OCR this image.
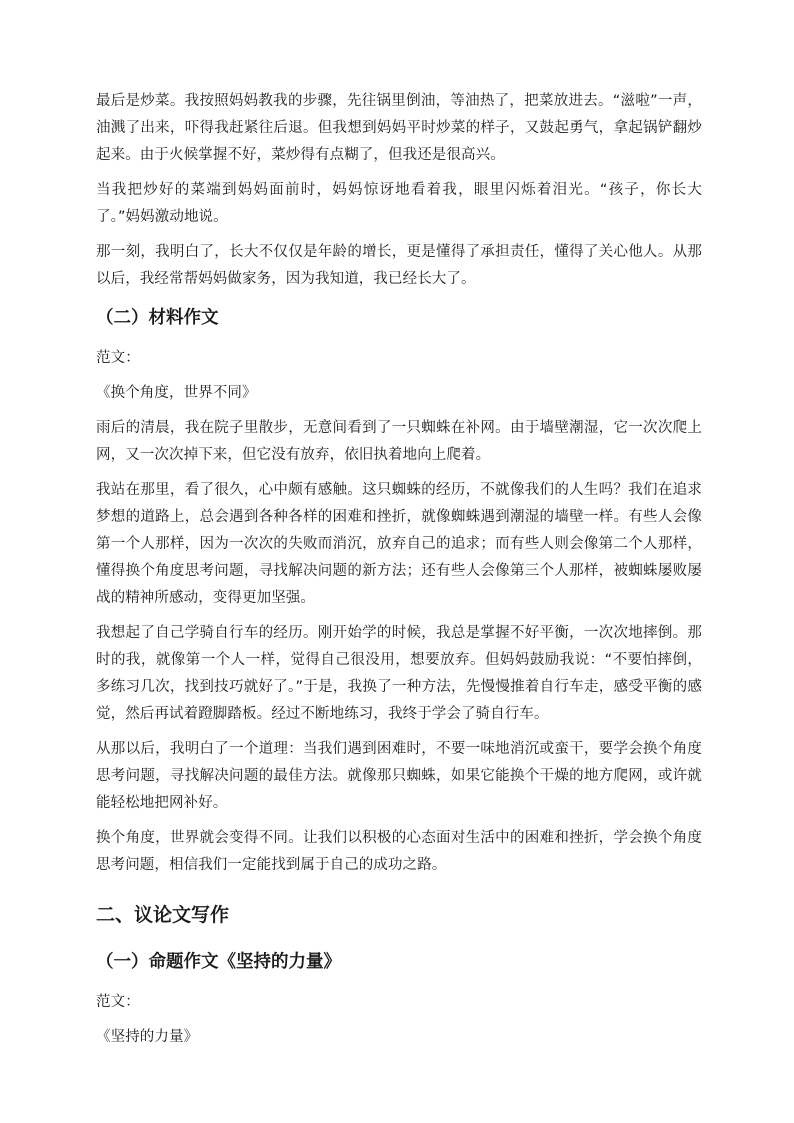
最后是炒菜。我按照妈妈教我的步骤，先往锅里倒油，等油热了，把菜放进去。“滋啦”一声，油溅了出来，吓得我赶紧往后退。但我想到妈妈平时炒菜的样子，又鼓起勇气，拿起锅铲翻炒起来。由于火候掌握不好，菜炒得有点糊了，但我还是很高兴。

当我把炒好的菜端到妈妈面前时，妈妈惊讶地看着我，眼里闪烁着泪光。“孩子，你长大了。”妈妈激动地说。

那一刻，我明白了，长大不仅仅是年龄的增长，更是懂得了承担责任，懂得了关心他人。从那以后，我经常帮妈妈做家务，因为我知道，我已经长大了。

（二）材料作文

范文：

《换个角度，世界不同》

雨后的清晨，我在院子里散步，无意间看到了一只蜘蛛在补网。由于墙壁潮湿，它一次次爬上网，又一次次掉下来，但它没有放弃，依旧执着地向上爬着。

我站在那里，看了很久，心中颇有感触。这只蜘蛛的经历，不就像我们的人生吗？我们在追求梦想的道路上，总会遇到各种各样的困难和挫折，就像蜘蛛遇到潮湿的墙壁一样。有些人会像第一个人那样，因为一次次的失败而消沉，放弃自己的追求；而有些人则会像第二个人那样，懂得换个角度思考问题，寻找解决问题的新方法；还有些人会像第三个人那样，被蜘蛛屡败屡战的精神所感动，变得更加坚强。

我想起了自己学骑自行车的经历。刚开始学的时候，我总是掌握不好平衡，一次次地摔倒。那时的我，就像第一个人一样，觉得自己很没用，想要放弃。但妈妈鼓励我说：“不要怕摔倒，多练习几次，找到技巧就好了。”于是，我换了一种方法，先慢慢推着自行车走，感受平衡的感觉，然后再试着蹬脚踏板。经过不断地练习，我终于学会了骑自行车。

从那以后，我明白了一个道理：当我们遇到困难时，不要一味地消沉或蛮干，要学会换个角度思考问题，寻找解决问题的最佳方法。就像那只蜘蛛，如果它能换个干燥的地方爬网，或许就能轻松地把网补好。

换个角度，世界就会变得不同。让我们以积极的心态面对生活中的困难和挫折，学会换个角度思考问题，相信我们一定能找到属于自己的成功之路。

二、议论文写作
（一）命题作文《坚持的力量》

范文：

《坚持的力量》
